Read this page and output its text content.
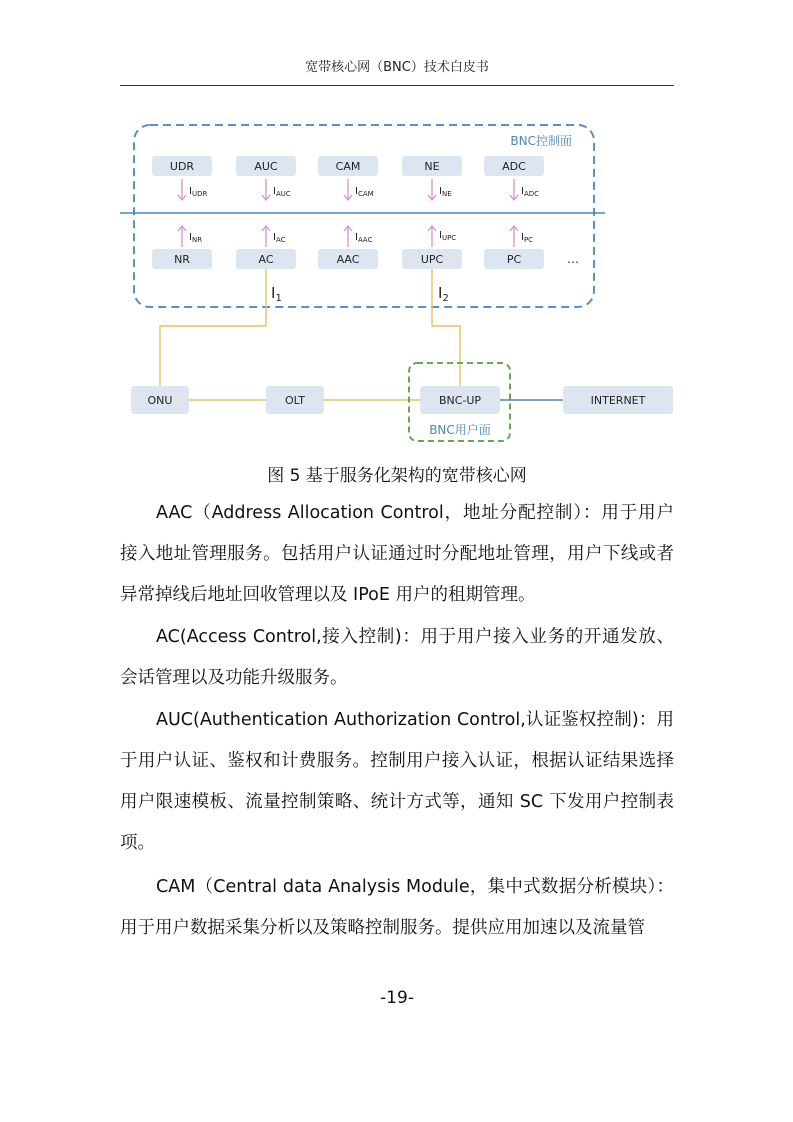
宽带核心网（BNC）技术白皮书
BNC控制面
UDR	AUC	CAM	NE	ADC
$I_{UDR}$	$I_{AUC}$	$I_{CAM}$	$I_{NE}$	$I_{ADC}$
$I_{NR}$	$I_{AC}$	$I_{AAC}$	$I_{UPC}$	$I_{PC}$
NR	AC	AAC	UPC	PC	…
$I_1$	$I_2$
BNC用户面
ONU	OLT	BNC-UP	INTERNET
图 5 基于服务化架构的宽带核心网
AAC（Address Allocation Control，地址分配控制）：用于用户接入地址管理服务。包括用户认证通过时分配地址管理，用户下线或者异常掉线后地址回收管理以及 IPoE 用户的租期管理。
AC(Access Control,接入控制)：用于用户接入业务的开通发放、会话管理以及功能升级服务。
AUC(Authentication Authorization Control,认证鉴权控制)：用于用户认证、鉴权和计费服务。控制用户接入认证，根据认证结果选择用户限速模板、流量控制策略、统计方式等，通知 SC 下发用户控制表项。
CAM（Central data Analysis Module，集中式数据分析模块）：用于用户数据采集分析以及策略控制服务。提供应用加速以及流量管
-19-
